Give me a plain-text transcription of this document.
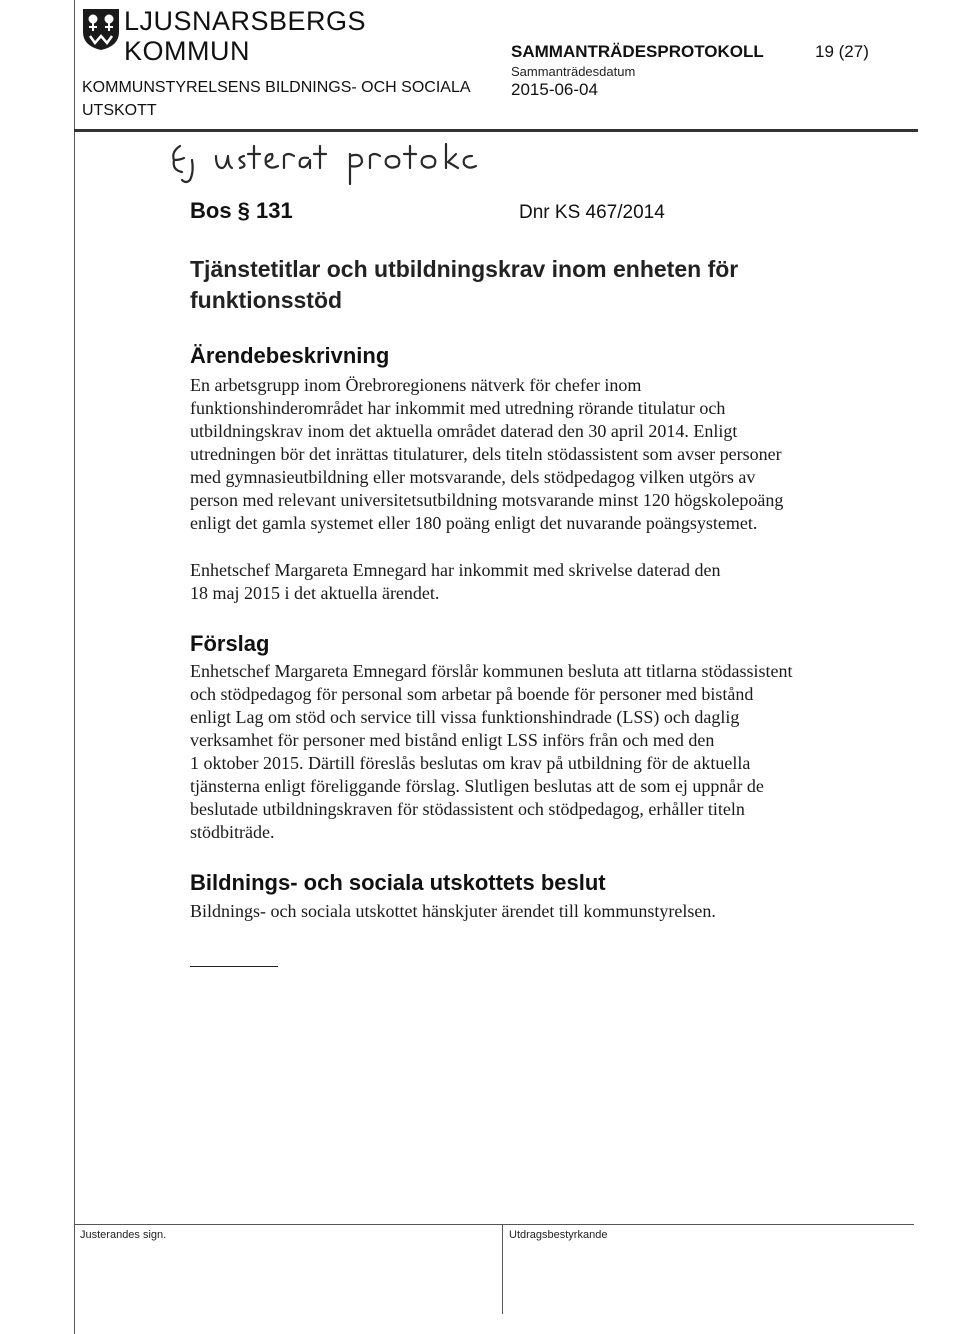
LJUSNARSBERGS
KOMMUN
KOMMUNSTYRELSENS BILDNINGS- OCH SOCIALA
UTSKOTT
SAMMANTRÄDESPROTOKOLL	19 (27)
Sammanträdesdatum
2015-06-04
Bos § 131	Dnr KS 467/2014
Tjänstetitlar och utbildningskrav inom enheten för funktionsstöd
Ärendebeskrivning
En arbetsgrupp inom Örebroregionens nätverk för chefer inom
funktionshinderområdet har inkommit med utredning rörande titulatur och
utbildningskrav inom det aktuella området daterad den 30 april 2014. Enligt
utredningen bör det inrättas titulaturer, dels titeln stödassistent som avser personer
med gymnasieutbildning eller motsvarande, dels stödpedagog vilken utgörs av
person med relevant universitetsutbildning motsvarande minst 120 högskolepoäng
enligt det gamla systemet eller 180 poäng enligt det nuvarande poängsystemet.
Enhetschef Margareta Emnegard har inkommit med skrivelse daterad den
18 maj 2015 i det aktuella ärendet.
Förslag
Enhetschef Margareta Emnegard förslår kommunen besluta att titlarna stödassistent
och stödpedagog för personal som arbetar på boende för personer med bistånd
enligt Lag om stöd och service till vissa funktionshindrade (LSS) och daglig
verksamhet för personer med bistånd enligt LSS införs från och med den
1 oktober 2015. Därtill föreslås beslutas om krav på utbildning för de aktuella
tjänsterna enligt föreliggande förslag. Slutligen beslutas att de som ej uppnår de
beslutade utbildningskraven för stödassistent och stödpedagog, erhåller titeln
stödbiträde.
Bildnings- och sociala utskottets beslut
Bildnings- och sociala utskottet hänskjuter ärendet till kommunstyrelsen.
Justerandes sign.	Utdragsbestyrkande
